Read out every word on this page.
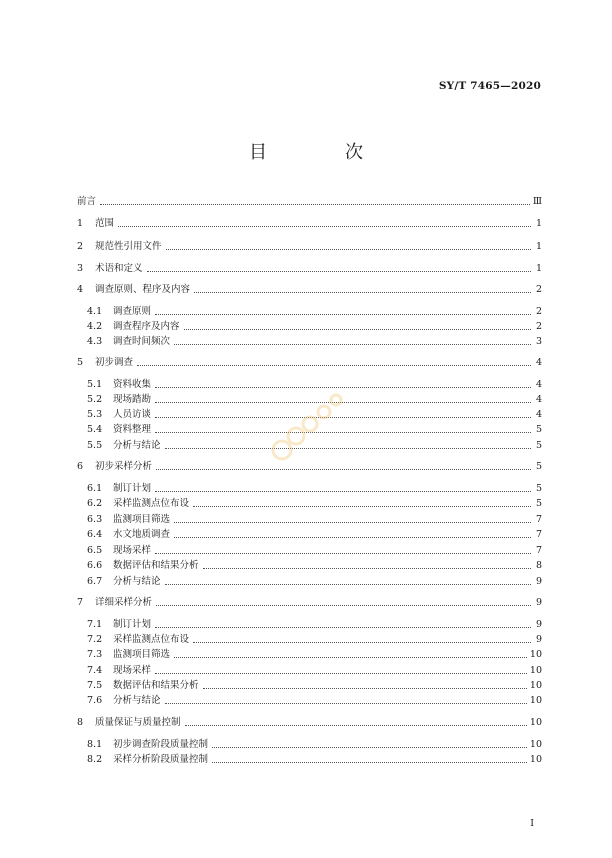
SY/T 7465—2020
目　次
前言	Ⅲ
1	范围	1
2	规范性引用文件	1
3	术语和定义	1
4	调查原则、程序及内容	2
4.1	调查原则	2
4.2	调查程序及内容	2
4.3	调查时间频次	3
5	初步调查	4
5.1	资料收集	4
5.2	现场踏勘	4
5.3	人员访谈	4
5.4	资料整理	5
5.5	分析与结论	5
6	初步采样分析	5
6.1	制订计划	5
6.2	采样监测点位布设	5
6.3	监测项目筛选	7
6.4	水文地质调查	7
6.5	现场采样	7
6.6	数据评估和结果分析	8
6.7	分析与结论	9
7	详细采样分析	9
7.1	制订计划	9
7.2	采样监测点位布设	9
7.3	监测项目筛选	10
7.4	现场采样	10
7.5	数据评估和结果分析	10
7.6	分析与结论	10
8	质量保证与质量控制	10
8.1	初步调查阶段质量控制	10
8.2	采样分析阶段质量控制	10
I
